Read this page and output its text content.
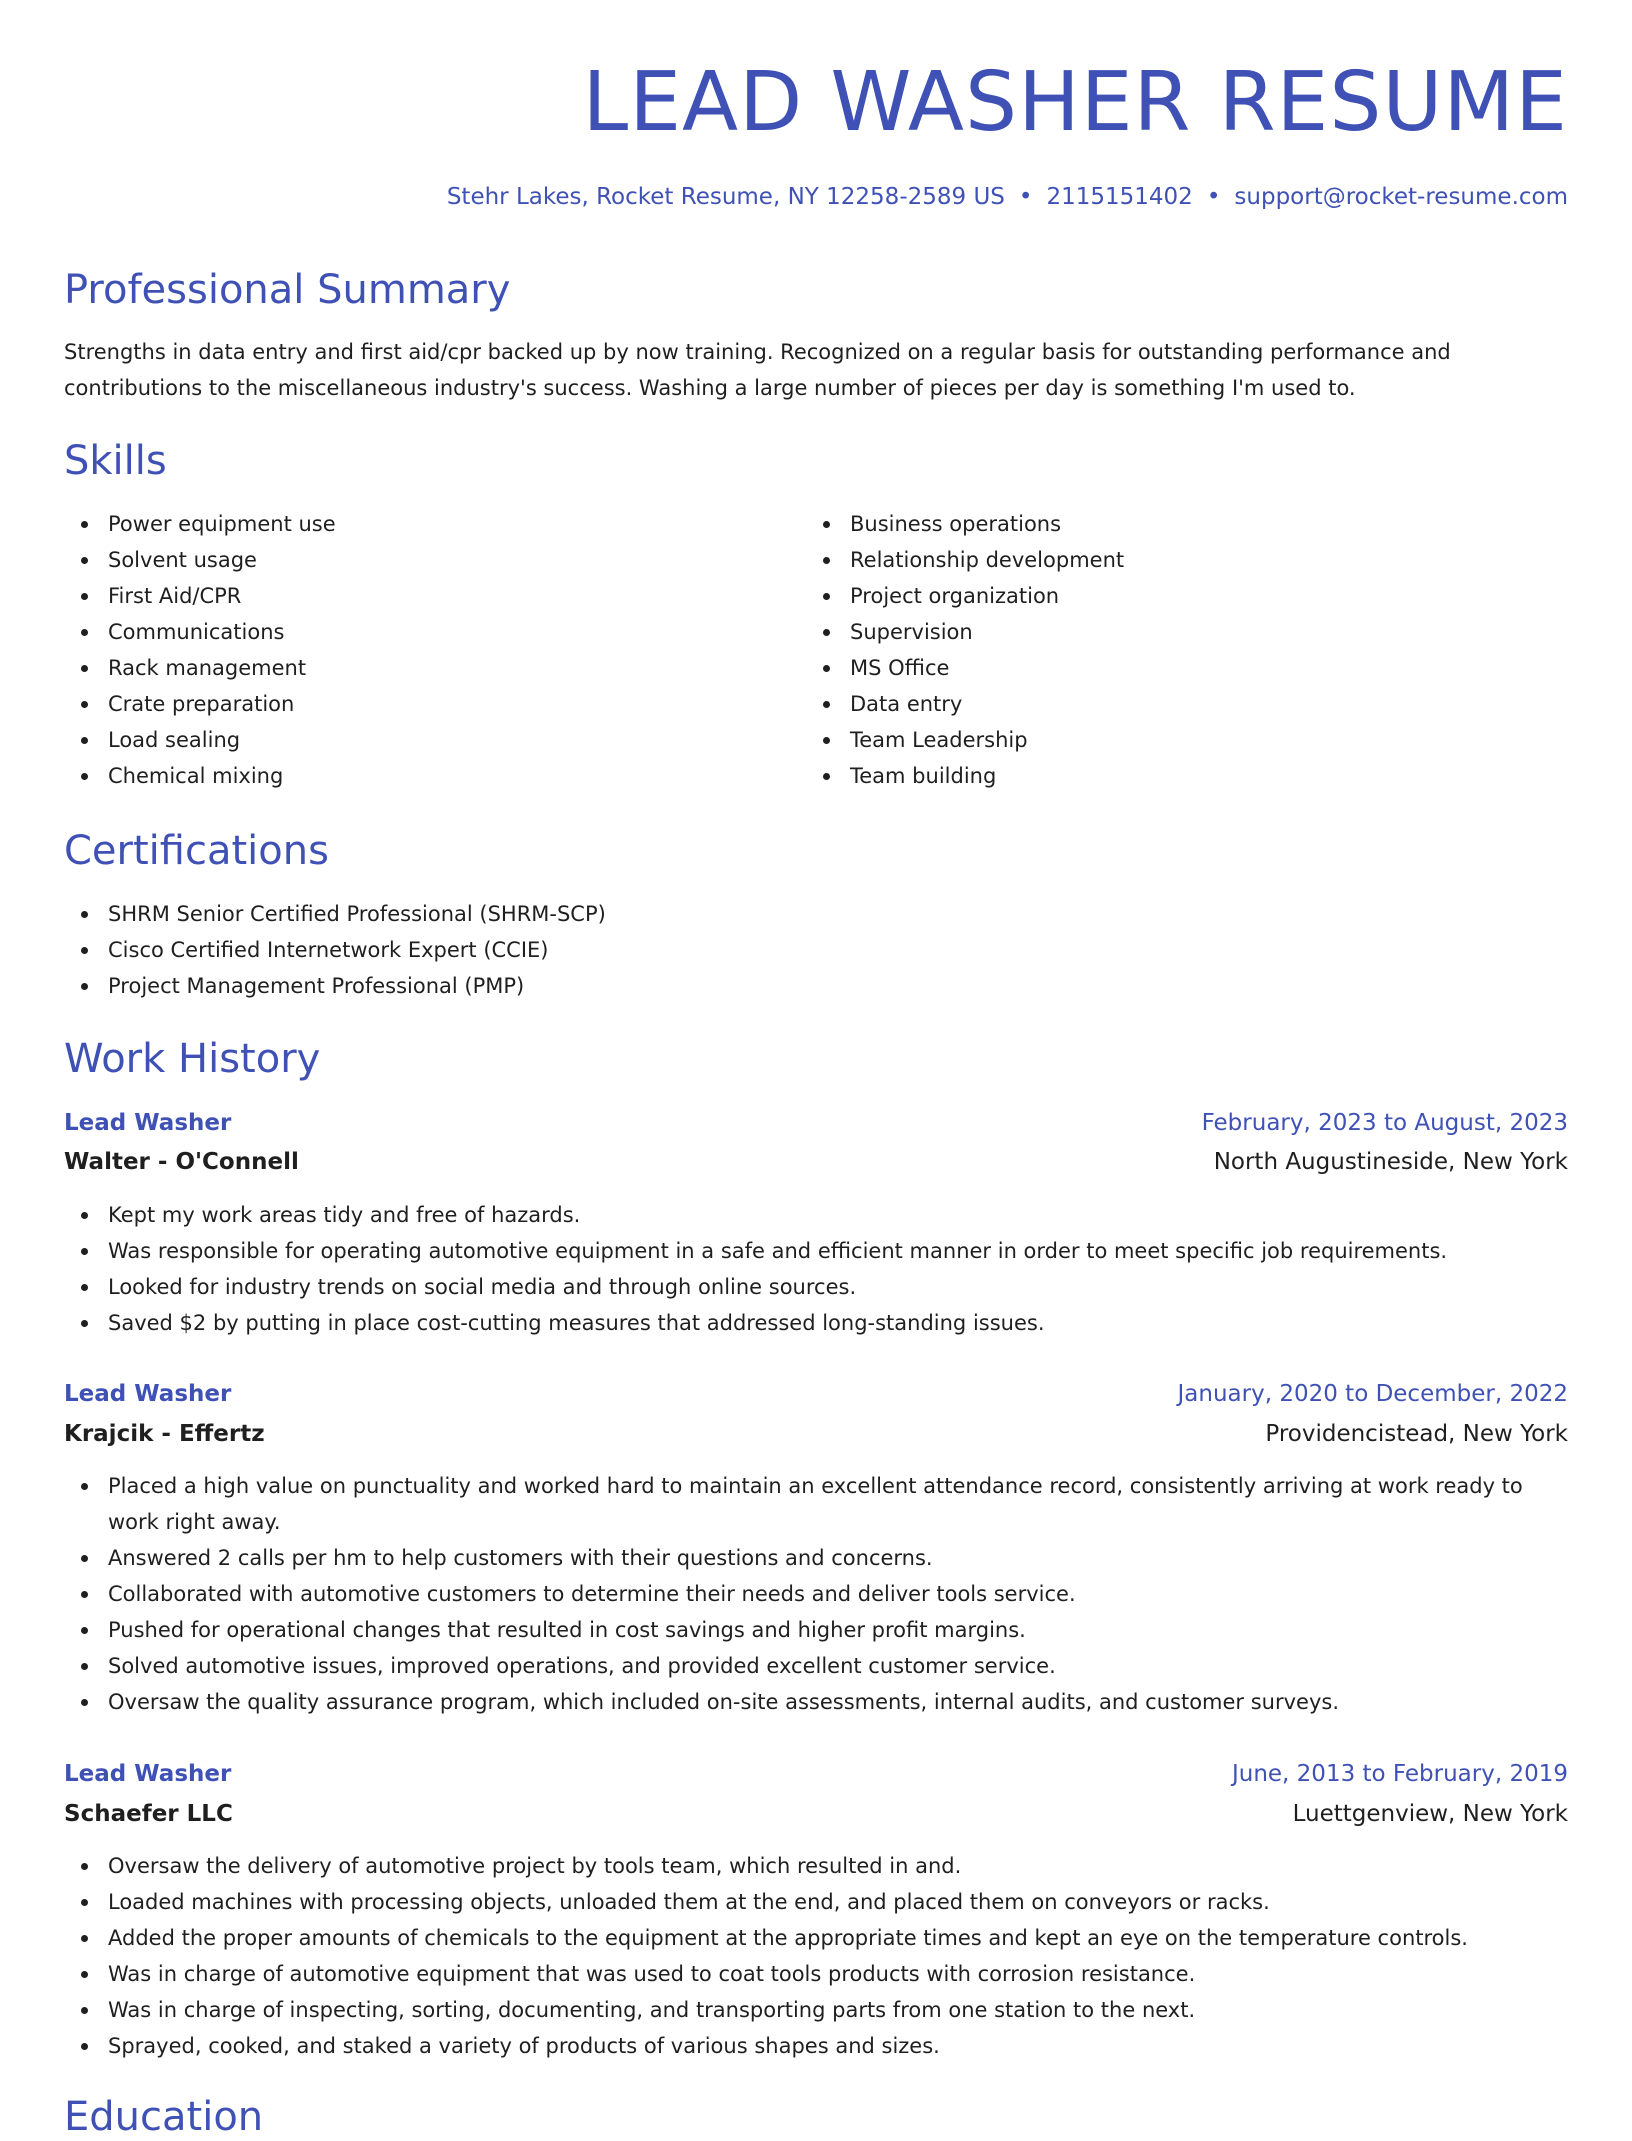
LEAD WASHER RESUME
Stehr Lakes, Rocket Resume, NY 12258-2589 US • 2115151402 • support@rocket-resume.com
Professional Summary

Strengths in data entry and first aid/cpr backed up by now training. Recognized on a regular basis for outstanding performance and contributions to the miscellaneous industry's success. Washing a large number of pieces per day is something I'm used to.

Skills
Power equipment use
Solvent usage
First Aid/CPR
Communications
Rack management
Crate preparation
Load sealing
Chemical mixing
Business operations
Relationship development
Project organization
Supervision
MS Office
Data entry
Team Leadership
Team building
Certifications
SHRM Senior Certified Professional (SHRM-SCP)
Cisco Certified Internetwork Expert (CCIE)
Project Management Professional (PMP)
Work History
Lead Washer	February, 2023 to August, 2023
Walter - O'Connell	North Augustineside, New York
Kept my work areas tidy and free of hazards.
Was responsible for operating automotive equipment in a safe and efficient manner in order to meet specific job requirements.
Looked for industry trends on social media and through online sources.
Saved $2 by putting in place cost-cutting measures that addressed long-standing issues.
Lead Washer	January, 2020 to December, 2022
Krajcik - Effertz	Providencistead, New York
Placed a high value on punctuality and worked hard to maintain an excellent attendance record, consistently arriving at work ready to work right away.
Answered 2 calls per hm to help customers with their questions and concerns.
Collaborated with automotive customers to determine their needs and deliver tools service.
Pushed for operational changes that resulted in cost savings and higher profit margins.
Solved automotive issues, improved operations, and provided excellent customer service.
Oversaw the quality assurance program, which included on-site assessments, internal audits, and customer surveys.
Lead Washer	June, 2013 to February, 2019
Schaefer LLC	Luettgenview, New York
Oversaw the delivery of automotive project by tools team, which resulted in and.
Loaded machines with processing objects, unloaded them at the end, and placed them on conveyors or racks.
Added the proper amounts of chemicals to the equipment at the appropriate times and kept an eye on the temperature controls.
Was in charge of automotive equipment that was used to coat tools products with corrosion resistance.
Was in charge of inspecting, sorting, documenting, and transporting parts from one station to the next.
Sprayed, cooked, and staked a variety of products of various shapes and sizes.
Education
